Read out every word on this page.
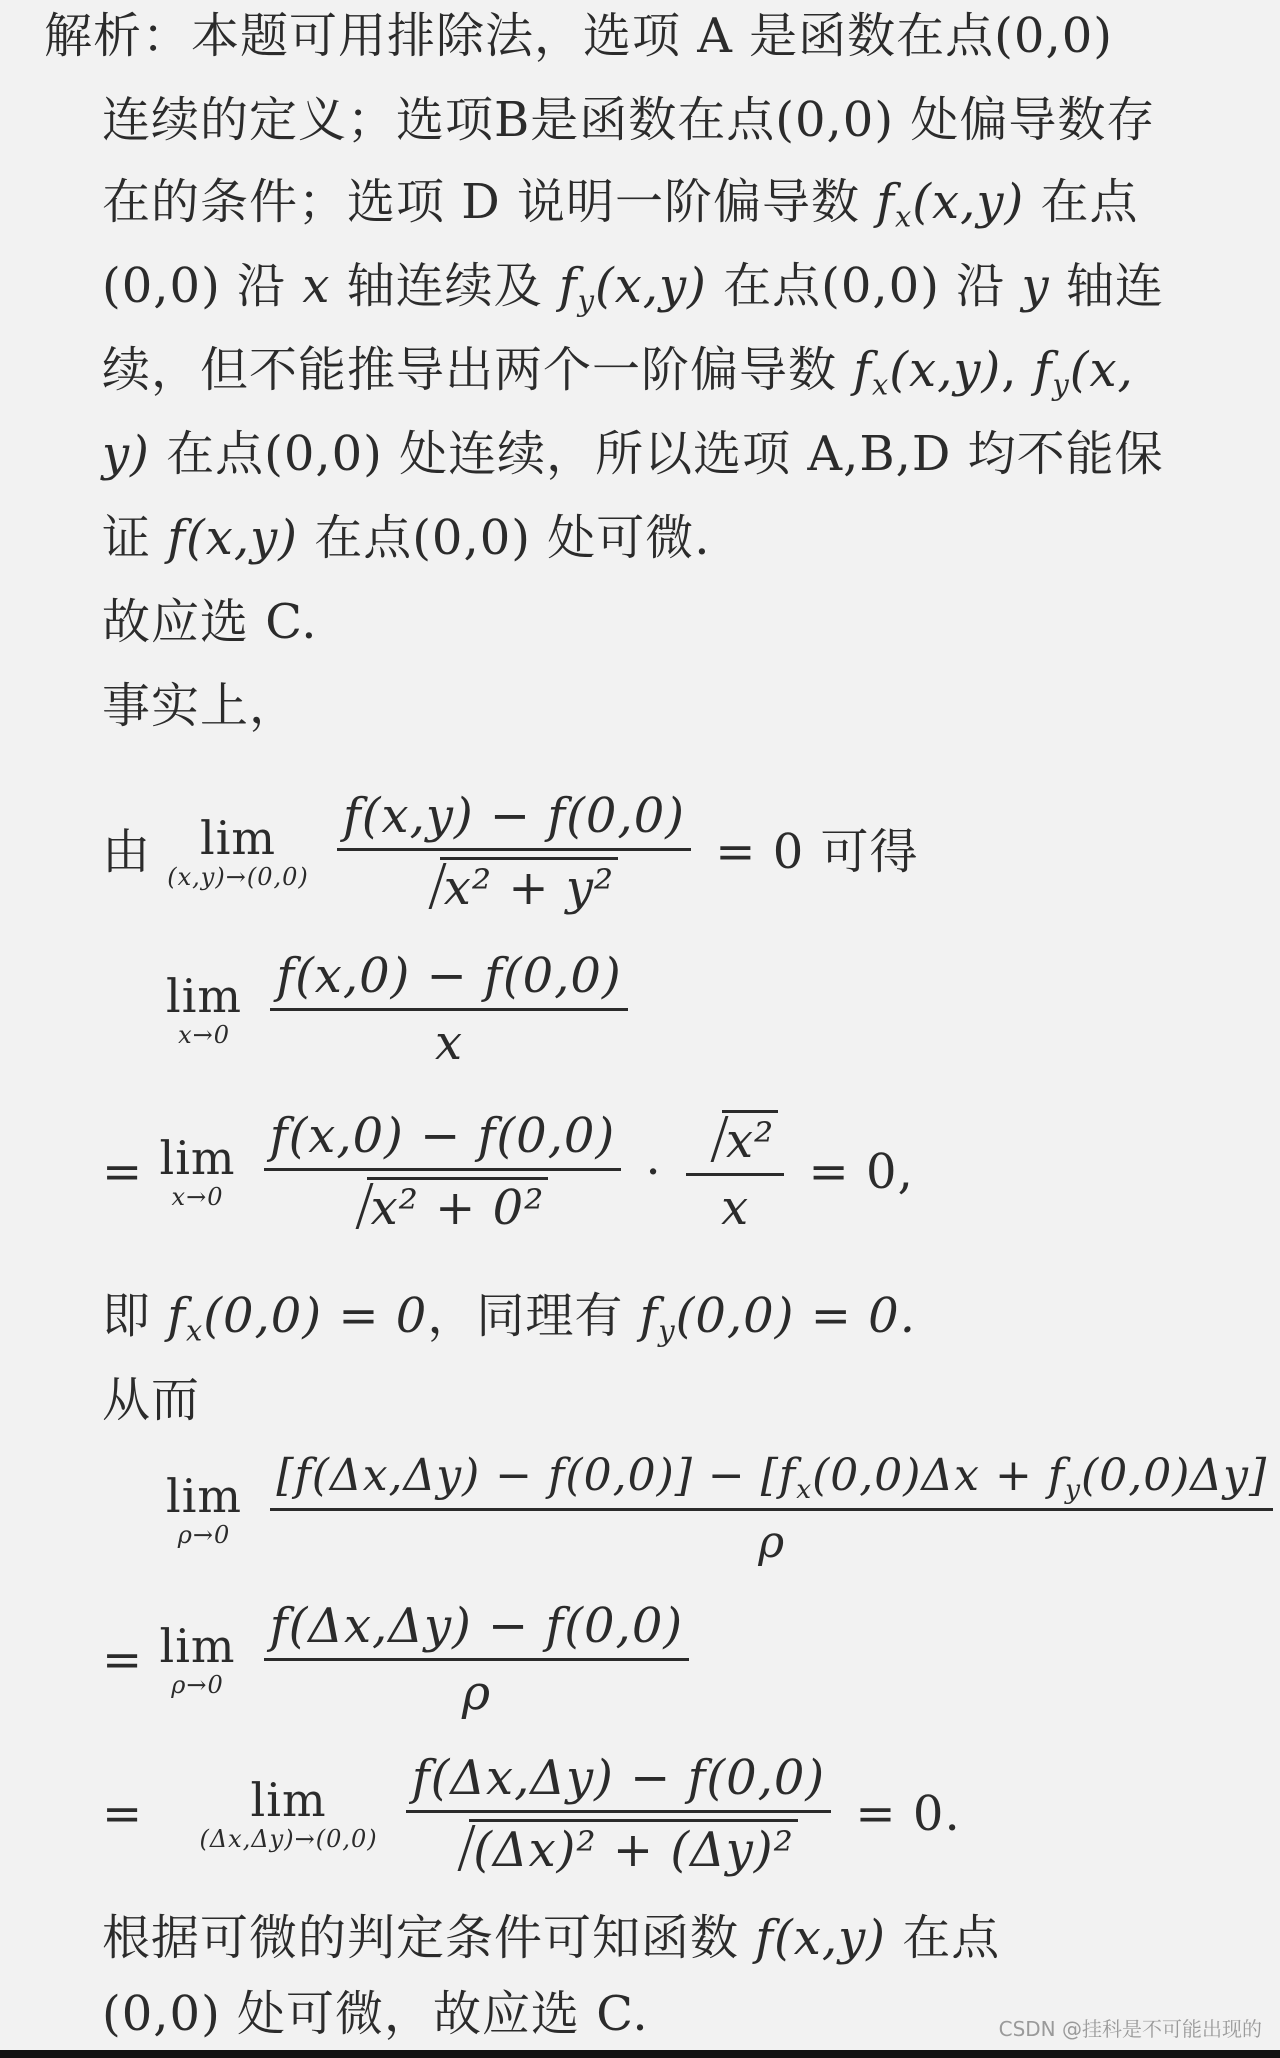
解析：本题可用排除法，选项 A 是函数在点(0,0)
连续的定义；选项B是函数在点(0,0) 处偏导数存
在的条件；选项 D 说明一阶偏导数 $f_x(x,y)$ 在点
(0,0) 沿 x 轴连续及 $f_y(x,y)$ 在点(0,0) 沿 y 轴连
续，但不能推导出两个一阶偏导数 $f_x(x,y)$, $f_y(x$,
y) 在点(0,0) 处连续，所以选项 A,B,D 均不能保
证 f(x,y) 在点(0,0) 处可微.
故应选 C.
事实上，
由 lim
(x,y)→(0,0)
$\frac{f(x,y) - f(0,0)}{\text{x² + y²}} = 0$ 可得
lim
x→0
$\frac{f(x,0) - f(0,0)}{x}$
= lim
x→0
$\frac{f(x,0) - f(0,0)}{\text{x² + 0²}} \cdot \frac{\text{x²}}{x} = 0$,
即 $f_x(0,0) = 0$，同理有 $f_y(0,0) = 0$.
从而
lim
ρ→0
$\frac{[f(\Delta x,\Delta y) - f(0,0)] - [f_x(0,0)\Delta x + f_y(0,0)\Delta y]}{\rho}$
= lim
ρ→0
$\frac{f(\Delta x,\Delta y) - f(0,0)}{\rho}$
= lim
(Δx,Δy)→(0,0)
$\frac{f(\Delta x,\Delta y) - f(0,0)}{\text{(Δx)² + (Δy)²}} = 0$.
根据可微的判定条件可知函数 f(x,y) 在点
(0,0) 处可微，故应选 C.	CSDN @挂科是不可能出现的
